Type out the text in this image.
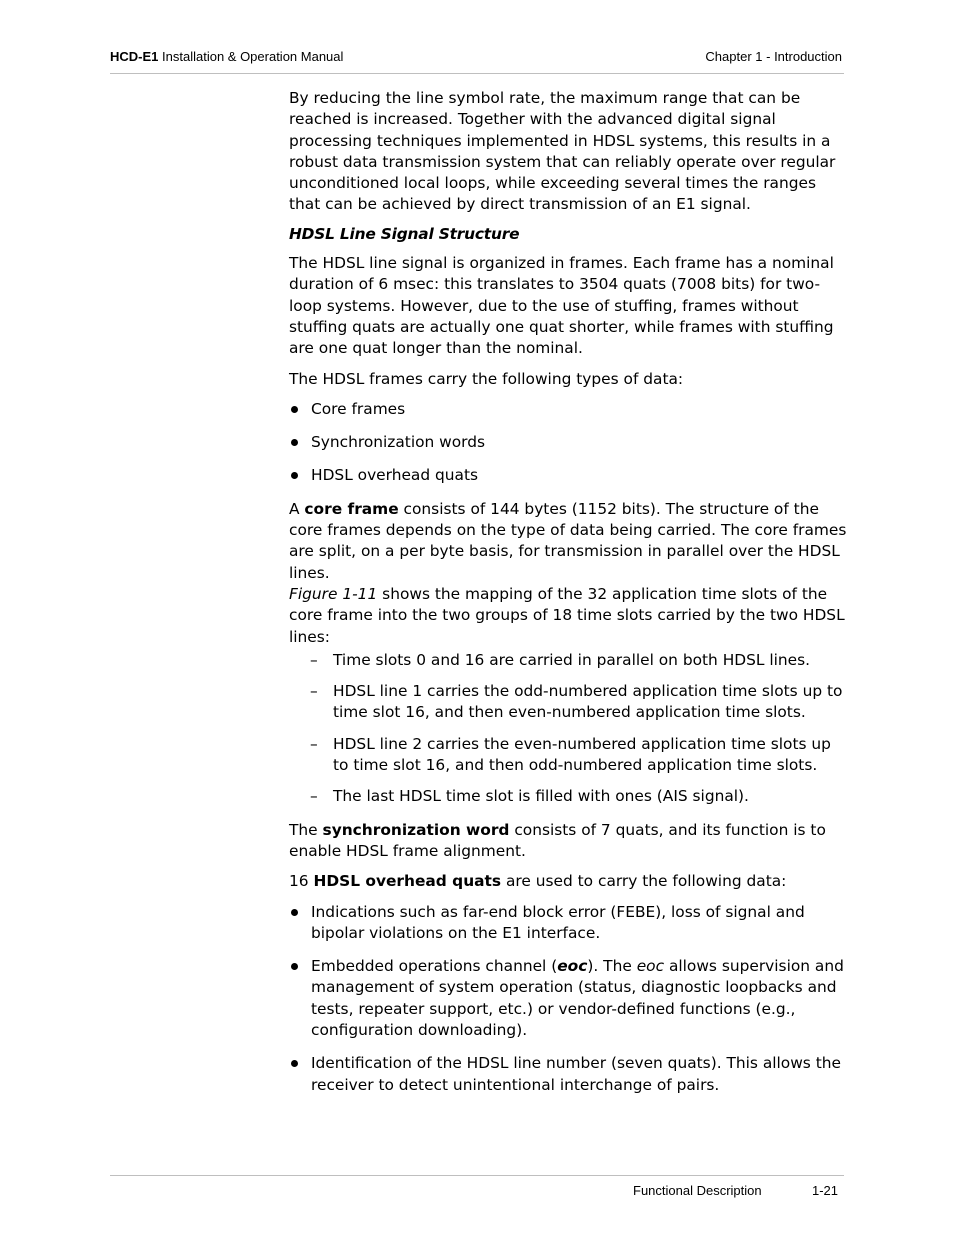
HCD-E1 Installation & Operation Manual	Chapter 1 - Introduction

By reducing the line symbol rate, the maximum range that can be reached is increased. Together with the advanced digital signal processing techniques implemented in HDSL systems, this results in a robust data transmission system that can reliably operate over regular unconditioned local loops, while exceeding several times the ranges that can be achieved by direct transmission of an E1 signal.

HDSL Line Signal Structure

The HDSL line signal is organized in frames. Each frame has a nominal duration of 6 msec: this translates to 3504 quats (7008 bits) for two-loop systems. However, due to the use of stuffing, frames without stuffing quats are actually one quat shorter, while frames with stuffing are one quat longer than the nominal.

The HDSL frames carry the following types of data:

Core frames
Synchronization words
HDSL overhead quats

A core frame consists of 144 bytes (1152 bits). The structure of the core frames depends on the type of data being carried. The core frames are split, on a per byte basis, for transmission in parallel over the HDSL lines.
Figure 1-11 shows the mapping of the 32 application time slots of the core frame into the two groups of 18 time slots carried by the two HDSL lines:

– Time slots 0 and 16 are carried in parallel on both HDSL lines.
– HDSL line 1 carries the odd-numbered application time slots up to time slot 16, and then even-numbered application time slots.
– HDSL line 2 carries the even-numbered application time slots up to time slot 16, and then odd-numbered application time slots.
– The last HDSL time slot is filled with ones (AIS signal).

The synchronization word consists of 7 quats, and its function is to enable HDSL frame alignment.

16 HDSL overhead quats are used to carry the following data:

Indications such as far-end block error (FEBE), loss of signal and bipolar violations on the E1 interface.
Embedded operations channel (eoc). The eoc allows supervision and management of system operation (status, diagnostic loopbacks and tests, repeater support, etc.) or vendor-defined functions (e.g., configuration downloading).
Identification of the HDSL line number (seven quats). This allows the receiver to detect unintentional interchange of pairs.
Functional Description	1-21
